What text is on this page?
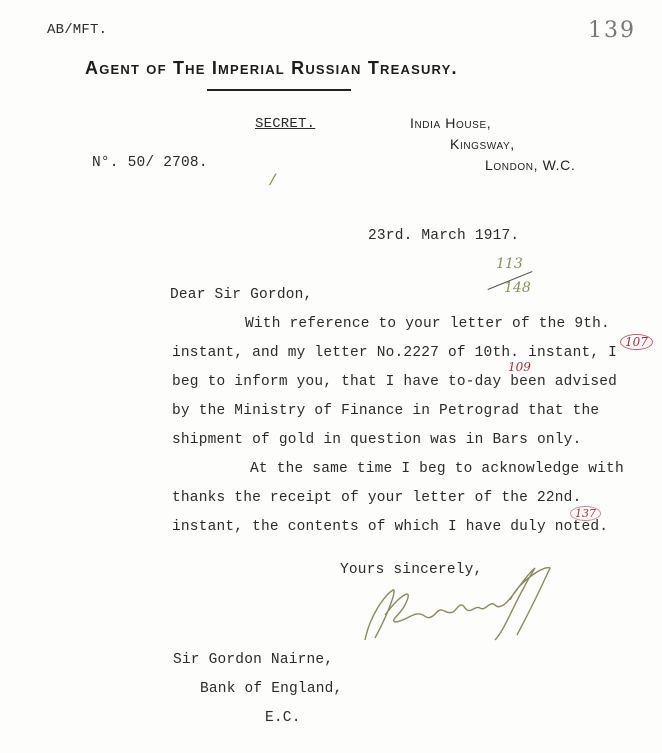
AB/MFT.	139
Agent of The Imperial Russian Treasury.
SECRET.	India House,
Kingsway,
London, W.C.
N°. 50/ 2708.
/
23rd. March 1917.
113
148
Dear Sir Gordon,
With reference to your letter of the 9th.
instant, and my letter No.2227 of 10th. instant, I
beg to inform you, that I have to-day been advised
by the Ministry of Finance in Petrograd that the
shipment of gold in question was in Bars only.
At the same time I beg to acknowledge with
thanks the receipt of your letter of the 22nd.
instant, the contents of which I have duly noted.
107
109
137
Yours sincerely,
Sir Gordon Nairne,
Bank of England,
E.C.
